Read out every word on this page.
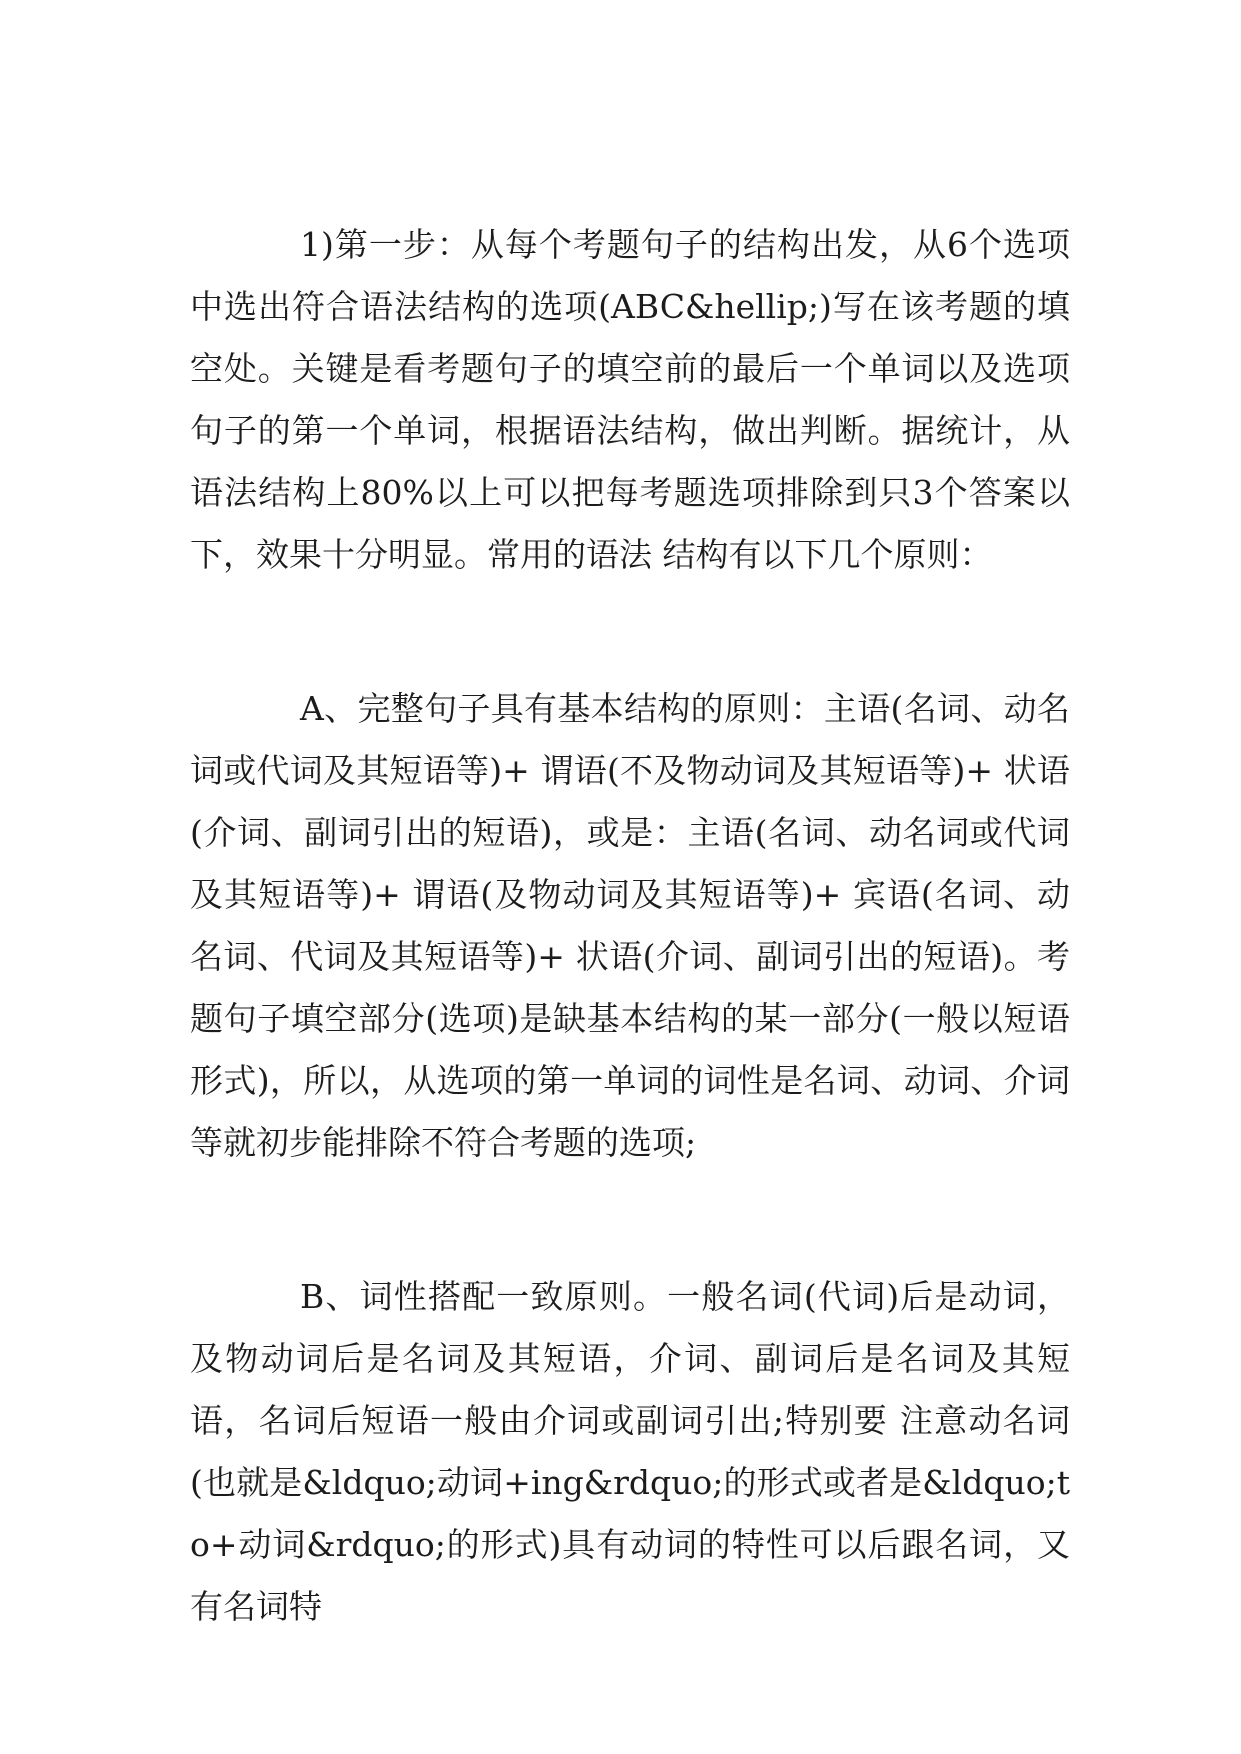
1)第一步：从每个考题句子的结构出发，从6个选项中选出符合语法结构的选项(ABC&hellip;)写在该考题的填空处。关键是看考题句子的填空前的最后一个单词以及选项句子的第一个单词，根据语法结构，做出判断。据统计，从语法结构上80%以上可以把每考题选项排除到只3个答案以下，效果十分明显。常用的语法 结构有以下几个原则：

A、完整句子具有基本结构的原则：主语(名词、动名词或代词及其短语等)+ 谓语(不及物动词及其短语等)+ 状语(介词、副词引出的短语)，或是：主语(名词、动名词或代词及其短语等)+ 谓语(及物动词及其短语等)+ 宾语(名词、动名词、代词及其短语等)+ 状语(介词、副词引出的短语)。考题句子填空部分(选项)是缺基本结构的某一部分(一般以短语形式)，所以，从选项的第一单词的词性是名词、动词、介词等就初步能排除不符合考题的选项;

B、词性搭配一致原则。一般名词(代词)后是动词，及物动词后是名词及其短语，介词、副词后是名词及其短语，名词后短语一般由介词或副词引出;特别要 注意动名词(也就是&ldquo;动词+ing&rdquo;的形式或者是&ldquo;to+动词&rdquo;的形式)具有动词的特性可以后跟名词，又有名词特
